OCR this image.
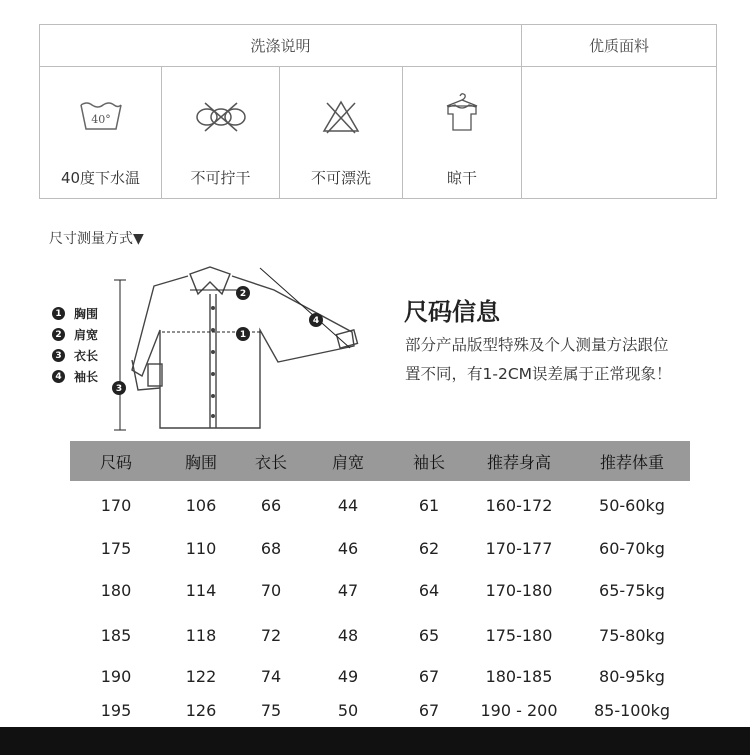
洗涤说明	优质面料
40°
40度下水温	不可拧干	不可漂洗	晾干
尺寸测量方式▼
1
2
3
4
1 胸围
2 肩宽
3 衣长
4 袖长
尺码信息
部分产品版型特殊及个人测量方法跟位
置不同，有1-2CM误差属于正常现象！
尺码	胸围	衣长	肩宽	袖长	推荐身高	推荐体重
170	106	66	44	61	160-172	50-60kg
175	110	68	46	62	170-177	60-70kg
180	114	70	47	64	170-180	65-75kg
185	118	72	48	65	175-180	75-80kg
190	122	74	49	67	180-185	80-95kg
195	126	75	50	67	190 - 200	85-100kg
